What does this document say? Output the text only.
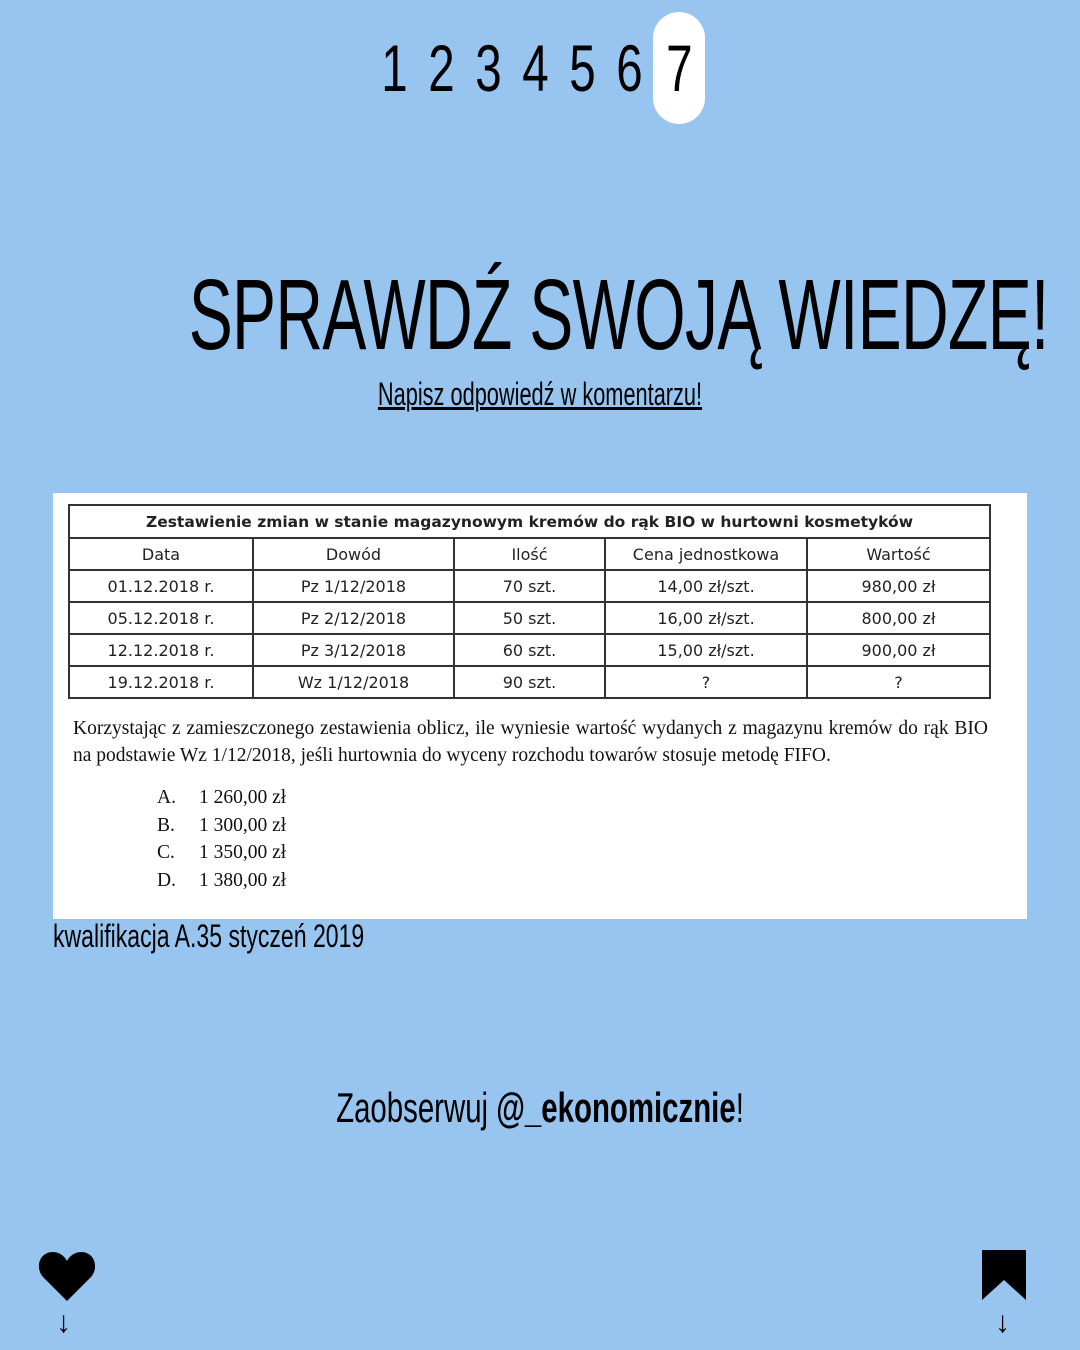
1 2 3 4 5 6 7
SPRAWDŹ SWOJĄ WIEDZĘ!
Napisz odpowiedź w komentarzu!
Zestawienie zmian w stanie magazynowym kremów do rąk BIO w hurtowni kosmetyków				
Data	Dowód	Ilość	Cena jednostkowa	Wartość
01.12.2018 r.	Pz 1/12/2018	70 szt.	14,00 zł/szt.	980,00 zł
05.12.2018 r.	Pz 2/12/2018	50 szt.	16,00 zł/szt.	800,00 zł
12.12.2018 r.	Pz 3/12/2018	60 szt.	15,00 zł/szt.	900,00 zł
19.12.2018 r.	Wz 1/12/2018	90 szt.	?	?
Korzystając z zamieszczonego zestawienia oblicz, ile wyniesie wartość wydanych z magazynu kremów do rąk BIO na podstawie Wz 1/12/2018, jeśli hurtownia do wyceny rozchodu towarów stosuje metodę FIFO.
A.	1 260,00 zł
B.	1 300,00 zł
C.	1 350,00 zł
D.	1 380,00 zł
kwalifikacja A.35 styczeń 2019
Zaobserwuj @_ekonomicznie!
↓	↓
